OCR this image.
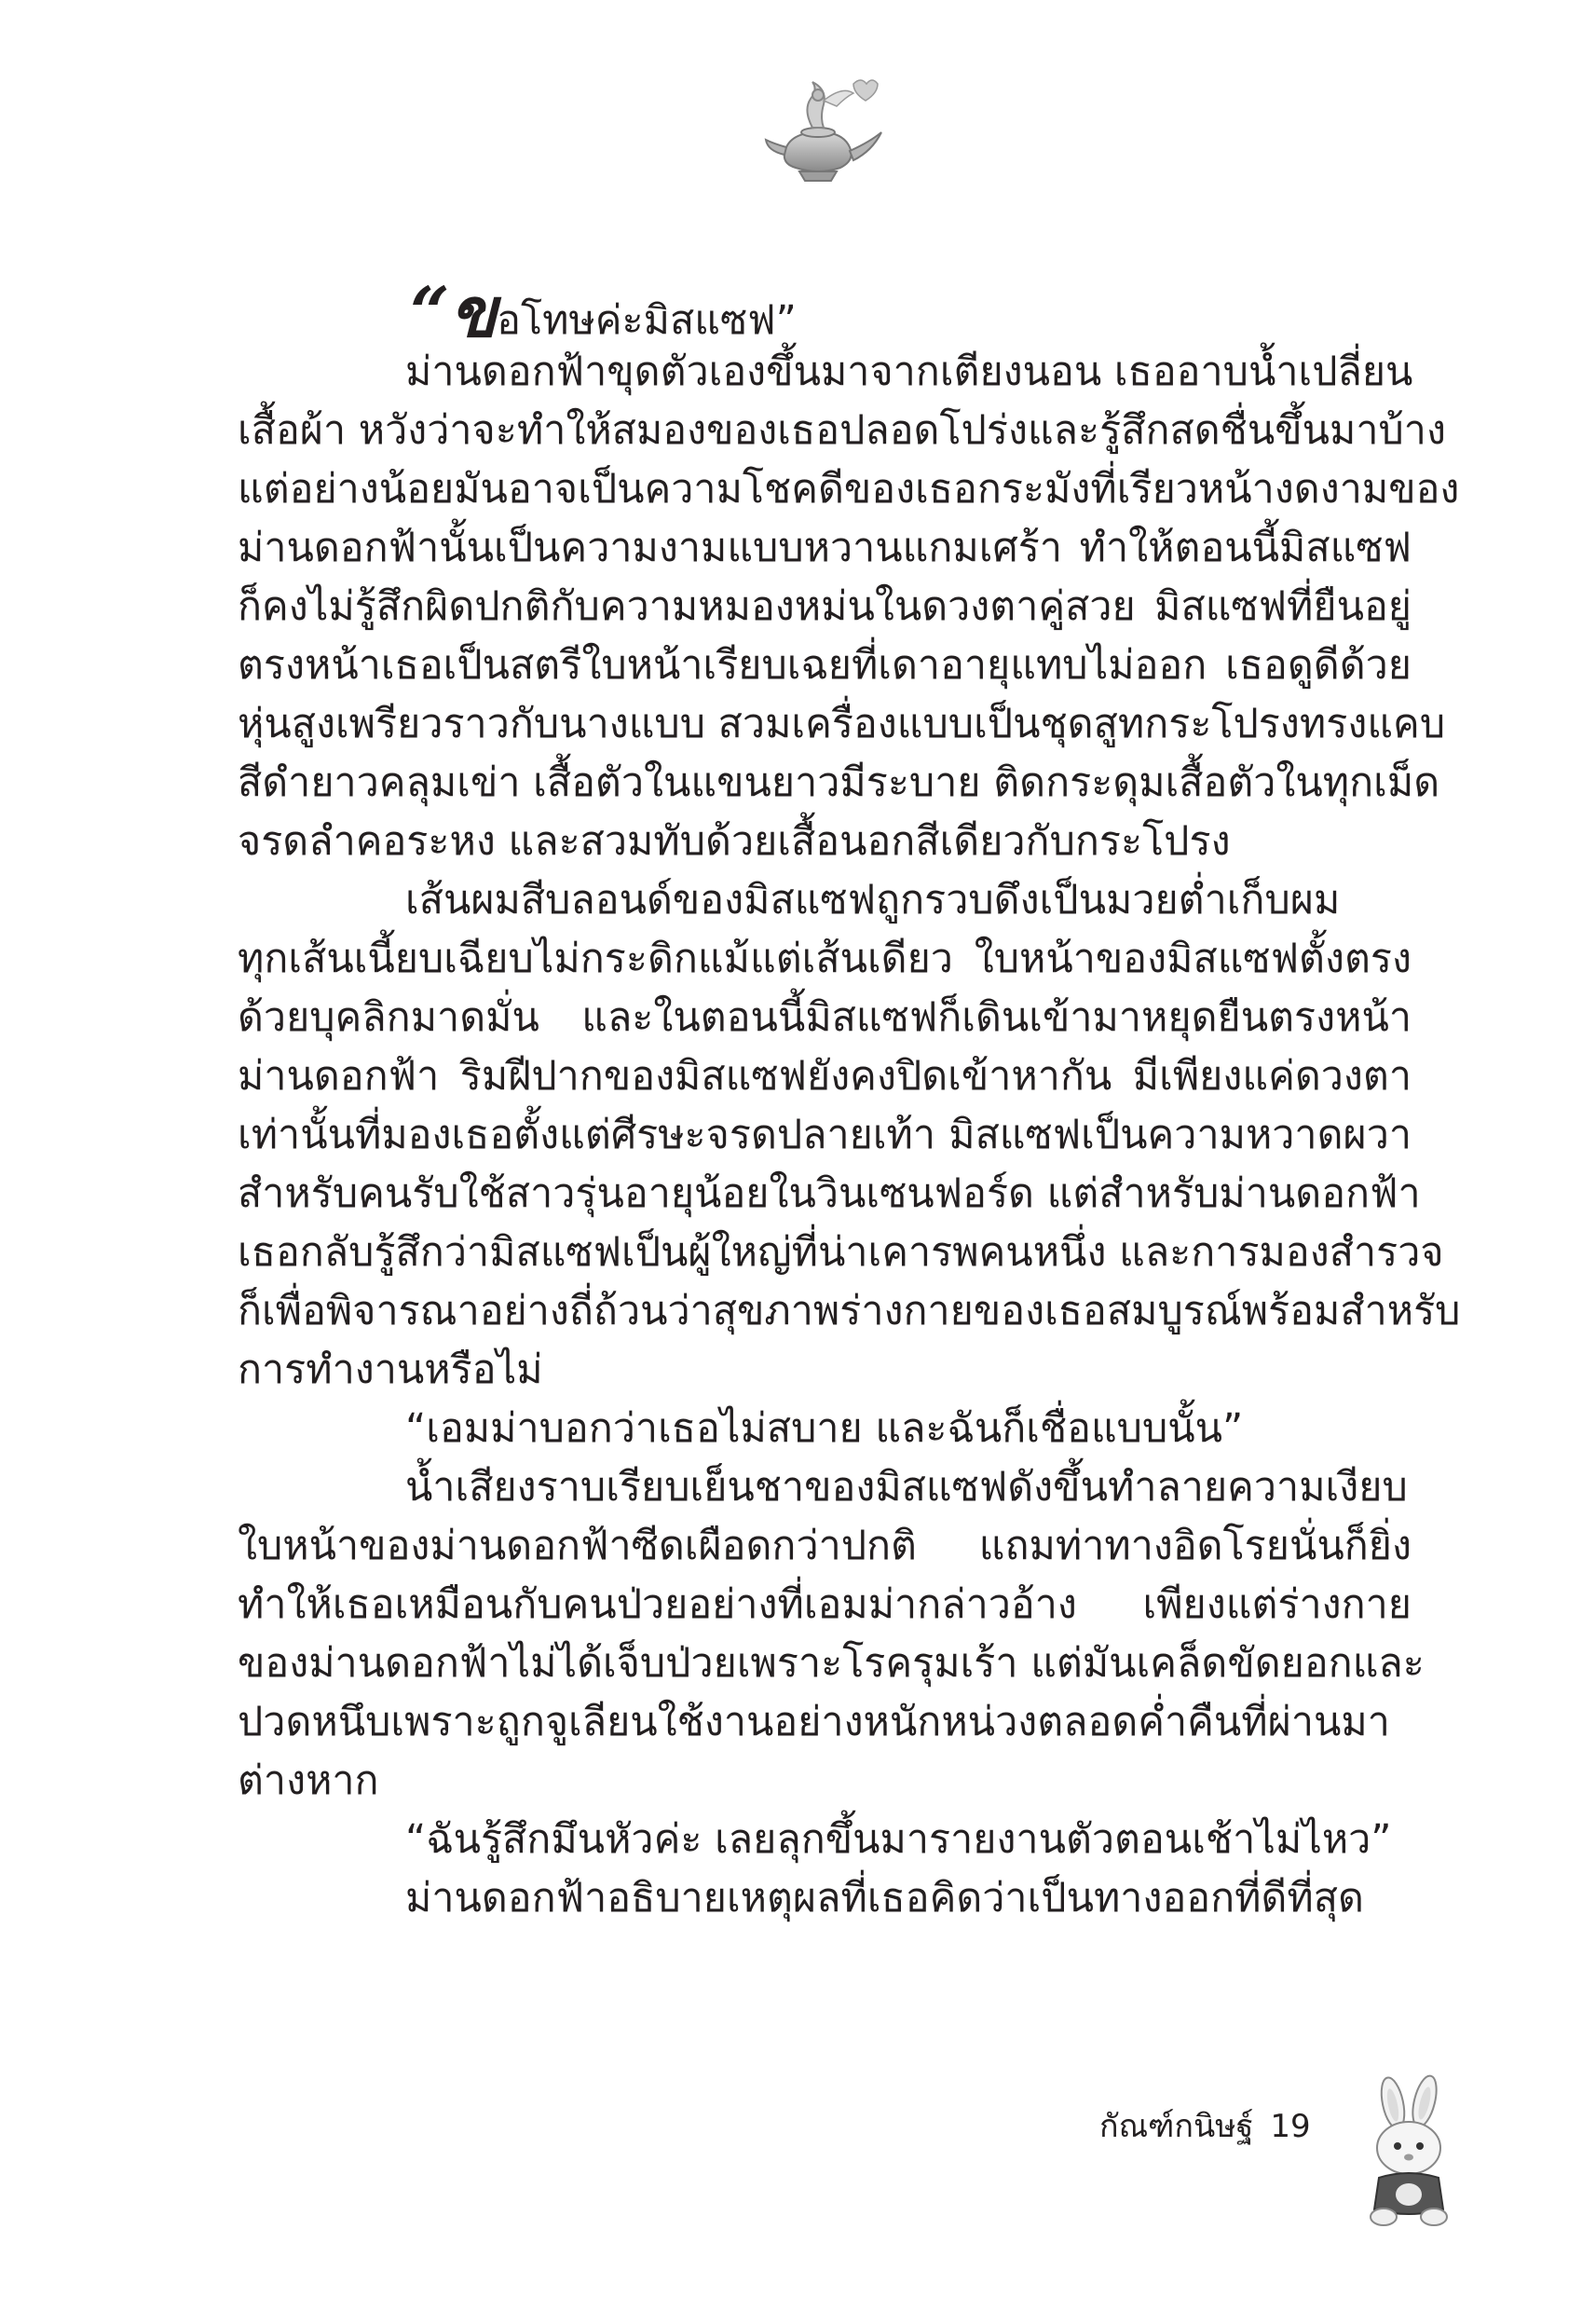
“ขอโทษค่ะมิสแซฟ”
ม่านดอกฟ้าขุดตัวเองขึ้นมาจากเตียงนอน เธออาบน้ำเปลี่ยน
เสื้อผ้า หวังว่าจะทำให้สมองของเธอปลอดโปร่งและรู้สึกสดชื่นขึ้นมาบ้าง
แต่อย่างน้อยมันอาจเป็นความโชคดีของเธอกระมังที่เรียวหน้างดงามของ
ม่านดอกฟ้านั้นเป็นความงามแบบหวานแกมเศร้า ทำให้ตอนนี้มิสแซฟ
ก็คงไม่รู้สึกผิดปกติกับความหมองหม่นในดวงตาคู่สวย มิสแซฟที่ยืนอยู่
ตรงหน้าเธอเป็นสตรีใบหน้าเรียบเฉยที่เดาอายุแทบไม่ออก เธอดูดีด้วย
หุ่นสูงเพรียวราวกับนางแบบ สวมเครื่องแบบเป็นชุดสูทกระโปรงทรงแคบ
สีดำยาวคลุมเข่า เสื้อตัวในแขนยาวมีระบาย ติดกระดุมเสื้อตัวในทุกเม็ด
จรดลำคอระหง และสวมทับด้วยเสื้อนอกสีเดียวกับกระโปรง
เส้นผมสีบลอนด์ของมิสแซฟถูกรวบดึงเป็นมวยต่ำเก็บผม
ทุกเส้นเนี้ยบเฉียบไม่กระดิกแม้แต่เส้นเดียว ใบหน้าของมิสแซฟตั้งตรง
ด้วยบุคลิกมาดมั่น และในตอนนี้มิสแซฟก็เดินเข้ามาหยุดยืนตรงหน้า
ม่านดอกฟ้า ริมฝีปากของมิสแซฟยังคงปิดเข้าหากัน มีเพียงแค่ดวงตา
เท่านั้นที่มองเธอตั้งแต่ศีรษะจรดปลายเท้า มิสแซฟเป็นความหวาดผวา
สำหรับคนรับใช้สาวรุ่นอายุน้อยในวินเซนฟอร์ด แต่สำหรับม่านดอกฟ้า
เธอกลับรู้สึกว่ามิสแซฟเป็นผู้ใหญ่ที่น่าเคารพคนหนึ่ง และการมองสำรวจ
ก็เพื่อพิจารณาอย่างถี่ถ้วนว่าสุขภาพร่างกายของเธอสมบูรณ์พร้อมสำหรับ
การทำงานหรือไม่
“เอมม่าบอกว่าเธอไม่สบาย และฉันก็เชื่อแบบนั้น”
น้ำเสียงราบเรียบเย็นชาของมิสแซฟดังขึ้นทำลายความเงียบ
ใบหน้าของม่านดอกฟ้าซีดเผือดกว่าปกติ แถมท่าทางอิดโรยนั่นก็ยิ่ง
ทำให้เธอเหมือนกับคนป่วยอย่างที่เอมม่ากล่าวอ้าง เพียงแต่ร่างกาย
ของม่านดอกฟ้าไม่ได้เจ็บป่วยเพราะโรครุมเร้า แต่มันเคล็ดขัดยอกและ
ปวดหนึบเพราะถูกจูเลียนใช้งานอย่างหนักหน่วงตลอดค่ำคืนที่ผ่านมา
ต่างหาก
“ฉันรู้สึกมึนหัวค่ะ เลยลุกขึ้นมารายงานตัวตอนเช้าไม่ไหว”
ม่านดอกฟ้าอธิบายเหตุผลที่เธอคิดว่าเป็นทางออกที่ดีที่สุด
กัณฑ์กนิษฐ์ 19
